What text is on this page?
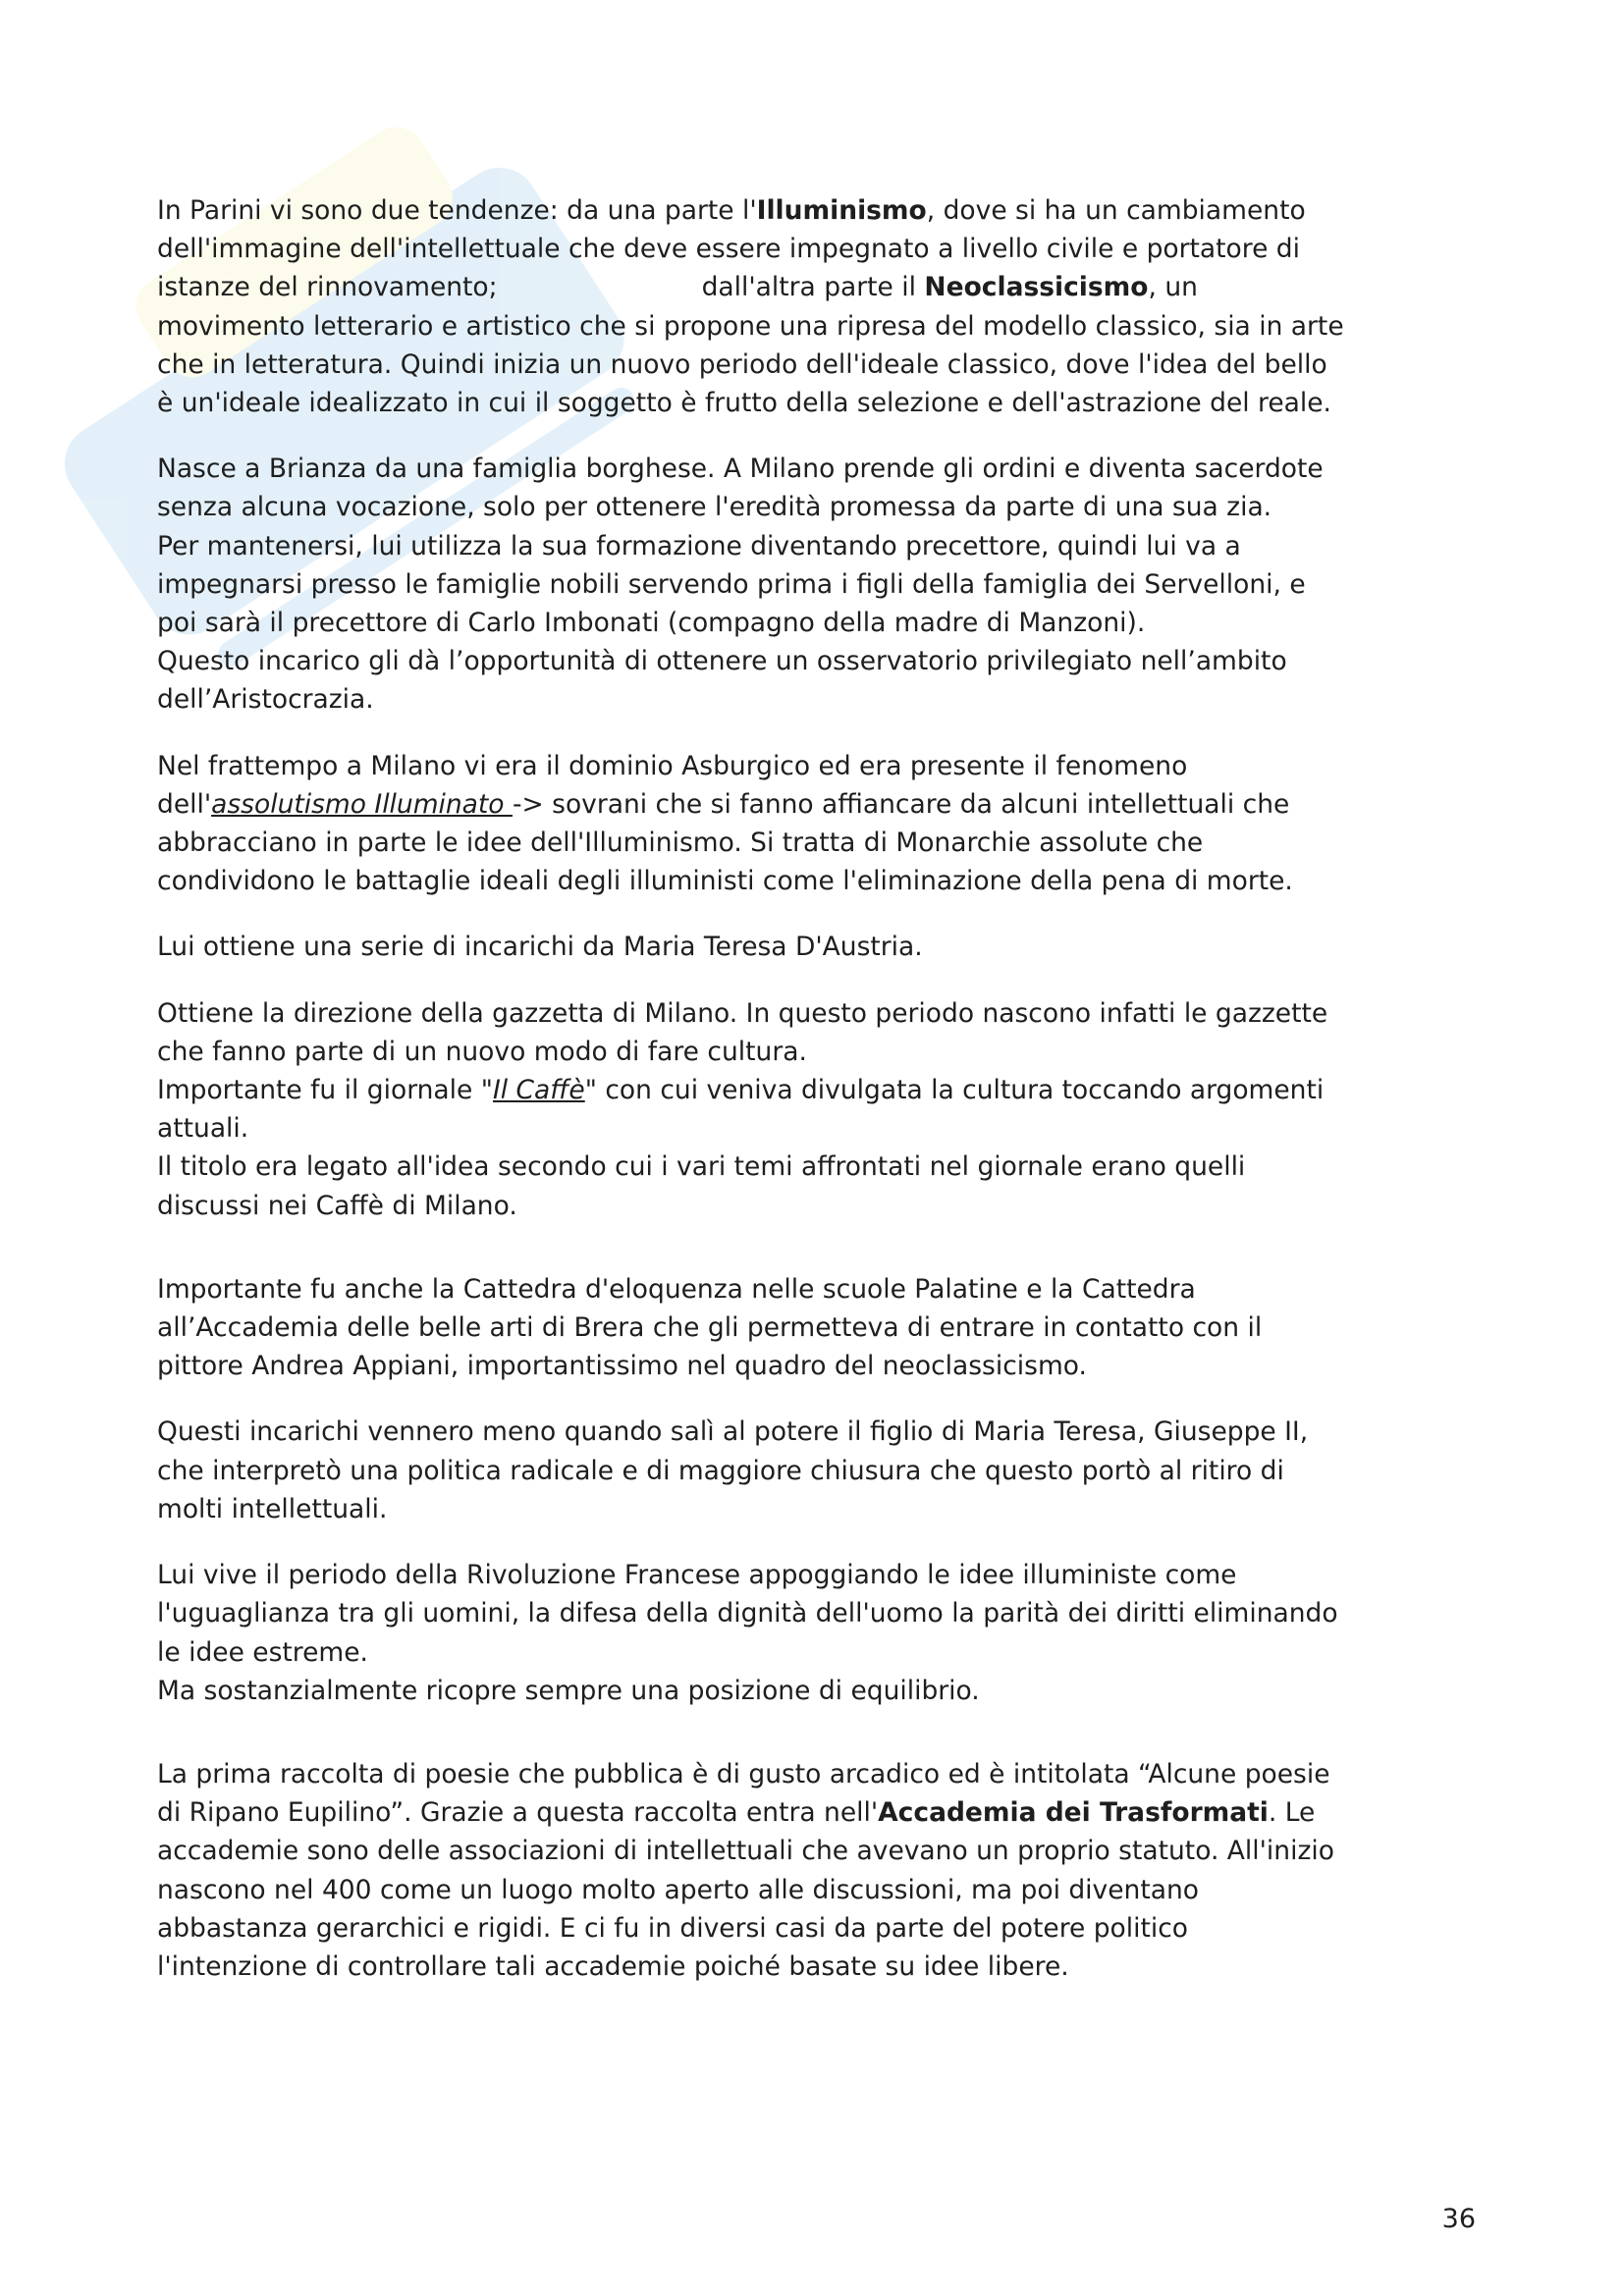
In Parini vi sono due tendenze: da una parte l'Illuminismo, dove si ha un cambiamento
dell'immagine dell'intellettuale che deve essere impegnato a livello civile e portatore di
istanze del rinnovamento;	dall'altra parte il Neoclassicismo, un
movimento letterario e artistico che si propone una ripresa del modello classico, sia in arte
che in letteratura. Quindi inizia un nuovo periodo dell'ideale classico, dove l'idea del bello
è un'ideale idealizzato in cui il soggetto è frutto della selezione e dell'astrazione del reale.

Nasce a Brianza da una famiglia borghese. A Milano prende gli ordini e diventa sacerdote
senza alcuna vocazione, solo per ottenere l'eredità promessa da parte di una sua zia.
Per mantenersi, lui utilizza la sua formazione diventando precettore, quindi lui va a
impegnarsi presso le famiglie nobili servendo prima i figli della famiglia dei Servelloni, e
poi sarà il precettore di Carlo Imbonati (compagno della madre di Manzoni).
Questo incarico gli dà l’opportunità di ottenere un osservatorio privilegiato nell’ambito
dell’Aristocrazia.

Nel frattempo a Milano vi era il dominio Asburgico ed era presente il fenomeno
dell'assolutismo Illuminato -> sovrani che si fanno affiancare da alcuni intellettuali che
abbracciano in parte le idee dell'Illuminismo. Si tratta di Monarchie assolute che
condividono le battaglie ideali degli illuministi come l'eliminazione della pena di morte.

Lui ottiene una serie di incarichi da Maria Teresa D'Austria.

Ottiene la direzione della gazzetta di Milano. In questo periodo nascono infatti le gazzette
che fanno parte di un nuovo modo di fare cultura.
Importante fu il giornale "Il Caffè" con cui veniva divulgata la cultura toccando argomenti
attuali.
Il titolo era legato all'idea secondo cui i vari temi affrontati nel giornale erano quelli
discussi nei Caffè di Milano.

Importante fu anche la Cattedra d'eloquenza nelle scuole Palatine e la Cattedra
all’Accademia delle belle arti di Brera che gli permetteva di entrare in contatto con il
pittore Andrea Appiani, importantissimo nel quadro del neoclassicismo.

Questi incarichi vennero meno quando salì al potere il figlio di Maria Teresa, Giuseppe II,
che interpretò una politica radicale e di maggiore chiusura che questo portò al ritiro di
molti intellettuali.

Lui vive il periodo della Rivoluzione Francese appoggiando le idee illuministe come
l'uguaglianza tra gli uomini, la difesa della dignità dell'uomo la parità dei diritti eliminando
le idee estreme.
Ma sostanzialmente ricopre sempre una posizione di equilibrio.

La prima raccolta di poesie che pubblica è di gusto arcadico ed è intitolata “Alcune poesie
di Ripano Eupilino”. Grazie a questa raccolta entra nell'Accademia dei Trasformati. Le
accademie sono delle associazioni di intellettuali che avevano un proprio statuto. All'inizio
nascono nel 400 come un luogo molto aperto alle discussioni, ma poi diventano
abbastanza gerarchici e rigidi. E ci fu in diversi casi da parte del potere politico
l'intenzione di controllare tali accademie poiché basate su idee libere.

36
